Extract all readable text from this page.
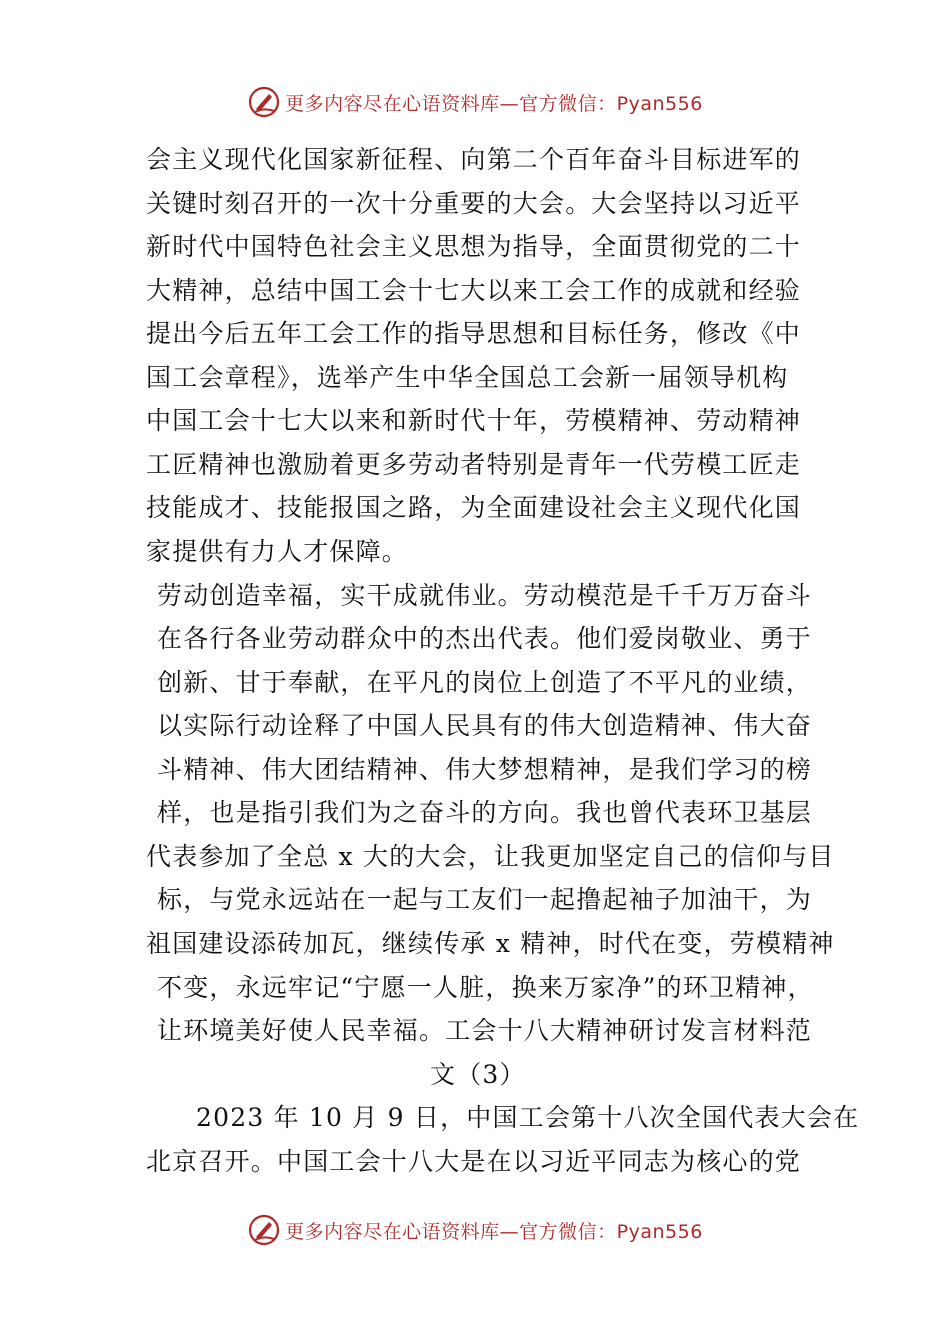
更多内容尽在心语资料库—官方微信：Pyan556
会主义现代化国家新征程、向第二个百年奋斗目标进军的
关键时刻召开的一次十分重要的大会。大会坚持以习近平
新时代中国特色社会主义思想为指导，全面贯彻党的二十
大精神，总结中国工会十七大以来工会工作的成就和经验
提出今后五年工会工作的指导思想和目标任务，修改《中
国工会章程》，选举产生中华全国总工会新一届领导机构
中国工会十七大以来和新时代十年，劳模精神、劳动精神
工匠精神也激励着更多劳动者特别是青年一代劳模工匠走
技能成才、技能报国之路，为全面建设社会主义现代化国
家提供有力人才保障。
劳动创造幸福，实干成就伟业。劳动模范是千千万万奋斗
在各行各业劳动群众中的杰出代表。他们爱岗敬业、勇于
创新、甘于奉献，在平凡的岗位上创造了不平凡的业绩，
以实际行动诠释了中国人民具有的伟大创造精神、伟大奋
斗精神、伟大团结精神、伟大梦想精神，是我们学习的榜
样，也是指引我们为之奋斗的方向。我也曾代表环卫基层
代表参加了全总 x 大的大会，让我更加坚定自己的信仰与目
标，与党永远站在一起与工友们一起撸起袖子加油干，为
祖国建设添砖加瓦，继续传承 x 精神，时代在变，劳模精神
不变，永远牢记“宁愿一人脏，换来万家净”的环卫精神，
让环境美好使人民幸福。工会十八大精神研讨发言材料范
文（3）
2023 年 10 月 9 日，中国工会第十八次全国代表大会在
北京召开。中国工会十八大是在以习近平同志为核心的党
更多内容尽在心语资料库—官方微信：Pyan556
